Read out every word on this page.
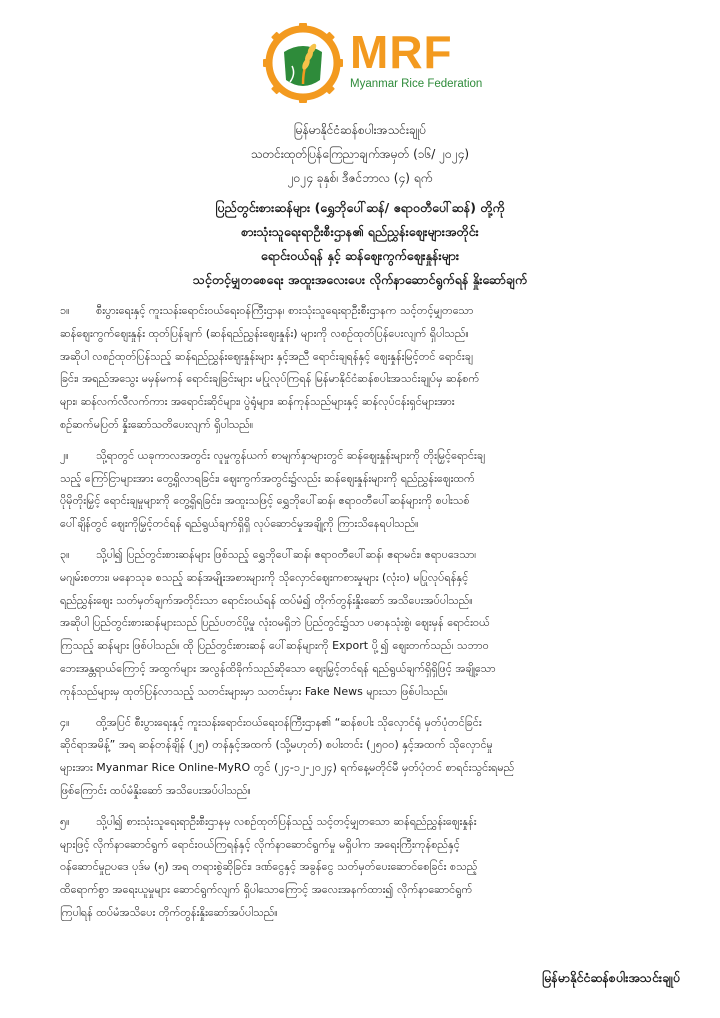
MRF
Myanmar Rice Federation
မြန်မာနိုင်ငံဆန်စပါးအသင်းချုပ်
သတင်းထုတ်ပြန်ကြေညာချက်အမှတ် (၁၆/ ၂၀၂၄)
၂၀၂၄ ခုနှစ်၊ ဒီဇင်ဘာလ (၄) ရက်
ပြည်တွင်းစားဆန်များ (ရွှေဘိုပေါ်ဆန်/ ဧရာဝတီပေါ်ဆန်) တို့ကို
စားသုံးသူရေးရာဦးစီးဌာန၏ ရည်ညွှန်းဈေးများအတိုင်း
ရောင်းဝယ်ရန် နှင့် ဆန်ဈေးကွက်ဈေးနှုန်းများ
သင့်တင့်မျှတစေရေး အထူးအလေးပေး လိုက်နာဆောင်ရွက်ရန် နှိုးဆော်ချက်
၁။ စီးပွားရေးနှင့် ကူးသန်းရောင်းဝယ်ရေးဝန်ကြီးဌာန၊ စားသုံးသူရေးရာဦးစီးဌာနက သင့်တင့်မျှတသော
ဆန်ဈေးကွက်ဈေးနှုန်း ထုတ်ပြန်ချက် (ဆန်ရည်ညွှန်းဈေးနှုန်း) များကို လစဉ်ထုတ်ပြန်ပေးလျက် ရှိပါသည်။
အဆိုပါ လစဉ်ထုတ်ပြန်သည့် ဆန်ရည်ညွှန်းဈေးနှုန်းများ နှင့်အညီ ရောင်းချရန်နှင့် ဈေးနှုန်းမြင့်တင် ရောင်းချ
ခြင်း၊ အရည်အသွေး မမှန်မကန် ရောင်းချခြင်းများ မပြုလုပ်ကြရန် မြန်မာနိုင်ငံဆန်စပါးအသင်းချုပ်မှ ဆန်စက်
များ၊ ဆန်လက်လီလက်ကား အရောင်းဆိုင်များ၊ ပွဲရုံများ၊ ဆန်ကုန်သည်များနှင့် ဆန်လုပ်ငန်းရှင်များအား
စဉ်ဆက်မပြတ် နှိုးဆော်သတိပေးလျက် ရှိပါသည်။
၂။ သို့ရာတွင် ယခုကာလအတွင်း လူမှုကွန်ယက် စာမျက်နှာများတွင် ဆန်ဈေးနှုန်းများကို တိုးမြှင့်ရောင်းချ
သည့် ကြော်ငြာများအား တွေ့ရှိလာရခြင်း၊ ဈေးကွက်အတွင်း၌လည်း ဆန်ဈေးနှုန်းများကို ရည်ညွှန်းဈေးထက်
ပိုမိုတိုးမြှင့် ရောင်းချမှုများကို တွေ့ရှိရခြင်း၊ အထူးသဖြင့် ရွှေဘိုပေါ်ဆန်၊ ဧရာဝတီပေါ်ဆန်များကို စပါးသစ်
ပေါ်ချိန်တွင် ဈေးကိုမြှင့်တင်ရန် ရည်ရွယ်ချက်ရှိရှိ လုပ်ဆောင်မှုအချို့ကို ကြားသိနေရပါသည်။
၃။ သို့ပါ၍ ပြည်တွင်းစားဆန်များ ဖြစ်သည့် ရွှေဘိုပေါ်ဆန်၊ ဧရာဝတီပေါ်ဆန်၊ ဧရာမင်း၊ ဧရာပဒေသာ၊
မဂျမ်းစတား၊ မနောသုခ စသည့် ဆန်အမျိုးအစားများကို သိုလှောင်ဈေးကစားမှုများ (လုံးဝ) မပြုလုပ်ရန်နှင့်
ရည်ညွှန်းဈေး သတ်မှတ်ချက်အတိုင်းသာ ရောင်းဝယ်ရန် ထပ်မံ၍ တိုက်တွန်းနှိုးဆော် အသိပေးအပ်ပါသည်။
အဆိုပါ ပြည်တွင်းစားဆန်များသည် ပြည်ပတင်ပို့မှု လုံးဝမရှိဘဲ ပြည်တွင်း၌သာ ပဓာနသုံးစွဲ၊ ဈေးမှန် ရောင်းဝယ်
ကြသည့် ဆန်များ ဖြစ်ပါသည်။ ထို ပြည်တွင်းစားဆန် ပေါ်ဆန်များကို Export ပို့၍ ဈေးတက်သည်၊ သဘာဝ
ဘေးအန္တရာယ်ကြောင့် အထွက်များ အလွန်ထိခိုက်သည်ဆိုသော ဈေးမြှင့်တင်ရန် ရည်ရွယ်ချက်ရှိရှိဖြင့် အချို့သော
ကုန်သည်များမှ ထုတ်ပြန်လာသည့် သတင်းများမှာ သတင်းမှား Fake News များသာ ဖြစ်ပါသည်။
၄။ ထို့အပြင် စီးပွားရေးနှင့် ကူးသန်းရောင်းဝယ်ရေးဝန်ကြီးဌာန၏ “ဆန်စပါး သိုလှောင်ရုံ မှတ်ပုံတင်ခြင်း
ဆိုင်ရာအမိန့်” အရ ဆန်တန်ချိန် (၂၅) တန်နှင့်အထက် (သို့မဟုတ်) စပါးတင်း (၂၅၀၀) နှင့်အထက် သိုလှောင်မှု
များအား Myanmar Rice Online-MyRO တွင် (၂၄-၁၂-၂၀၂၄) ရက်နေ့မတိုင်မီ မှတ်ပုံတင် စာရင်းသွင်းရမည်
ဖြစ်ကြောင်း ထပ်မံနှိုးဆော် အသိပေးအပ်ပါသည်။
၅။ သို့ပါ၍ စားသုံးသူရေးရာဦးစီးဌာနမှ လစဉ်ထုတ်ပြန်သည့် သင့်တင့်မျှတသော ဆန်ရည်ညွှန်းဈေးနှုန်း
များဖြင့် လိုက်နာဆောင်ရွက် ရောင်းဝယ်ကြရန်နှင့် လိုက်နာဆောင်ရွက်မှု မရှိပါက အရေးကြီးကုန်စည်နှင့်
ဝန်ဆောင်မှုဥပဒေ ပုဒ်မ (၅) အရ တရားစွဲဆိုခြင်း၊ ဒဏ်ငွေနှင့် အခွန်ငွေ သတ်မှတ်ပေးဆောင်စေခြင်း စသည့်
ထိရောက်စွာ အရေးယူမှုများ ဆောင်ရွက်လျက် ရှိပါသောကြောင့် အလေးအနက်ထား၍ လိုက်နာဆောင်ရွက်
ကြပါရန် ထပ်မံအသိပေး တိုက်တွန်းနှိုးဆော်အပ်ပါသည်။
မြန်မာနိုင်ငံဆန်စပါးအသင်းချုပ်
